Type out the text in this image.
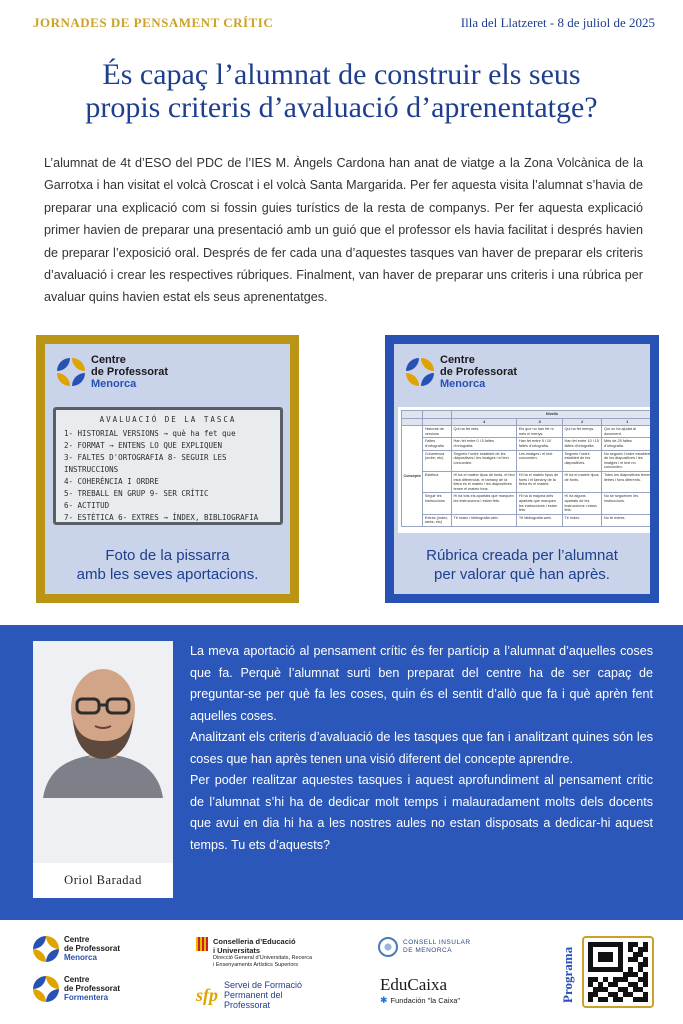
JORNADES DE PENSAMENT CRÍTIC	Illa del Llatzeret - 8 de juliol de 2025
És capaç l’alumnat de construir els seus
propis criteris d’avaluació d’aprenentatge?

L’alumnat de 4t d’ESO del PDC de l’IES M. Àngels Cardona han anat de viatge a la Zona Volcànica de la Garrotxa i han visitat el volcà Croscat i el volcà Santa Margarida. Per fer aquesta visita l’alumnat s’havia de preparar una explicació com si fossin guies turístics de la resta de companys. Per fer aquesta explicació primer havien de preparar una presentació amb un guió que el professor els havia facilitat i després havien de preparar l’exposició oral. Després de fer cada una d’aquestes tasques van haver de preparar els criteris d’avaluació i crear les respectives rúbriques. Finalment, van haver de preparar uns criteris i una rúbrica per avaluar quins havien estat els seus aprenentatges.

Centre
de Professorat
Menorca
AVALUACIÓ DE LA TASCA
1- HISTORIAL VERSIONS → què ha fet que
2- FORMAT → ENTENS LO QUE EXPLIQUEN
3- FALTES D'ORTOGRAFIA 8- SEGUIR LES INSTRUCCIONS
4- COHERÈNCIA I ORDRE
5- TREBALL EN GRUP 9- SER CRÍTIC
6- ACTITUD
7- ESTÈTICA 6- EXTRES → ÍNDEX, BIBLIOGRAFIA
Foto de la pissarra
amb les seves aportacions.
Centre
de Professorat
Menorca
		Nivells			
		4	3	2	1
Concepte	Historial de versions	Qui ha fet més.	Els que no han fet ni més ni menys.	Qui ha fet menys.	Qui no ha ajudat al document.
	Faltes d'ortografia	Han fet entre 0 i 5 faltes d'ortografia.	Han fet entre 5 i 10 faltes d'ortografia.	Han fet entre 10 i 15 faltes d'ortografia.	Més de 25 faltes d'ortografia.
	Coherència (ordre, etc)	Segueix l'ordre establert de les diapositives i les imatges i el text concorden.	Les imatges i el text concorden.	Segueix l'ordre establert de les diapositives.	No segueix l'ordre establert de les diapositives i les imatges i el text no concorden.
	Estètica	Hi ha el mateix tipus de fonts, el títol està diferenciat, el tamany de la lletra és el mateix i les diapositives tenen el mateix fons.	Hi ha el mateix tipus de fonts i el tamany de la lletra és el mateix.	Hi ha el mateix tipus de fonts.	Totes les diapositives tenen lletres i fons diferents.
	Seguir les instruccions	Hi ha tots els apartats que marquen les instruccions i estan fets.	Hi ha la majoria dels apartats que marquen les instruccions i estan fets.	Hi ha alguns apartats de les instruccions i estan fets.	No se segueixen les instruccions.
	Extres (índex, webs, etc)	Té índex i bibliografia web.	Té bibliografia web.	Té índex.	No té extres.
Rúbrica creada per l’alumnat
per valorar què han après.
Oriol Baradad

La meva aportació al pensament crític és fer partícip a l’alumnat d’aquelles coses que fa. Perquè l’alumnat surti ben preparat del centre ha de ser capaç de preguntar-se per què fa les coses, quin és el sentit d’allò que fa i què aprèn fent aquelles coses.

Analitzant els criteris d’avaluació de les tasques que fan i analitzant quines són les coses que han après tenen una visió diferent del concepte aprendre.

Per poder realitzar aquestes tasques i aquest aprofundiment al pensament crític de l’alumnat s’hi ha de dedicar molt temps i malauradament molts dels docents que avui en dia hi ha a les nostres aules no estan disposats a dedicar-hi aquest temps. Tu ets d’aquests?

Centre
de Professorat
Menorca
Centre
de Professorat
Formentera
Conselleria d’Educació
i Universitats
Direcció General d’Universitats, Recerca
i Ensenyaments Artístics Superiors
sfp Servei de Formació
Permanent del
Professorat
CONSELL INSULAR
DE MENORCA
EduCaixa
✱ Fundación "la Caixa"	Programa
